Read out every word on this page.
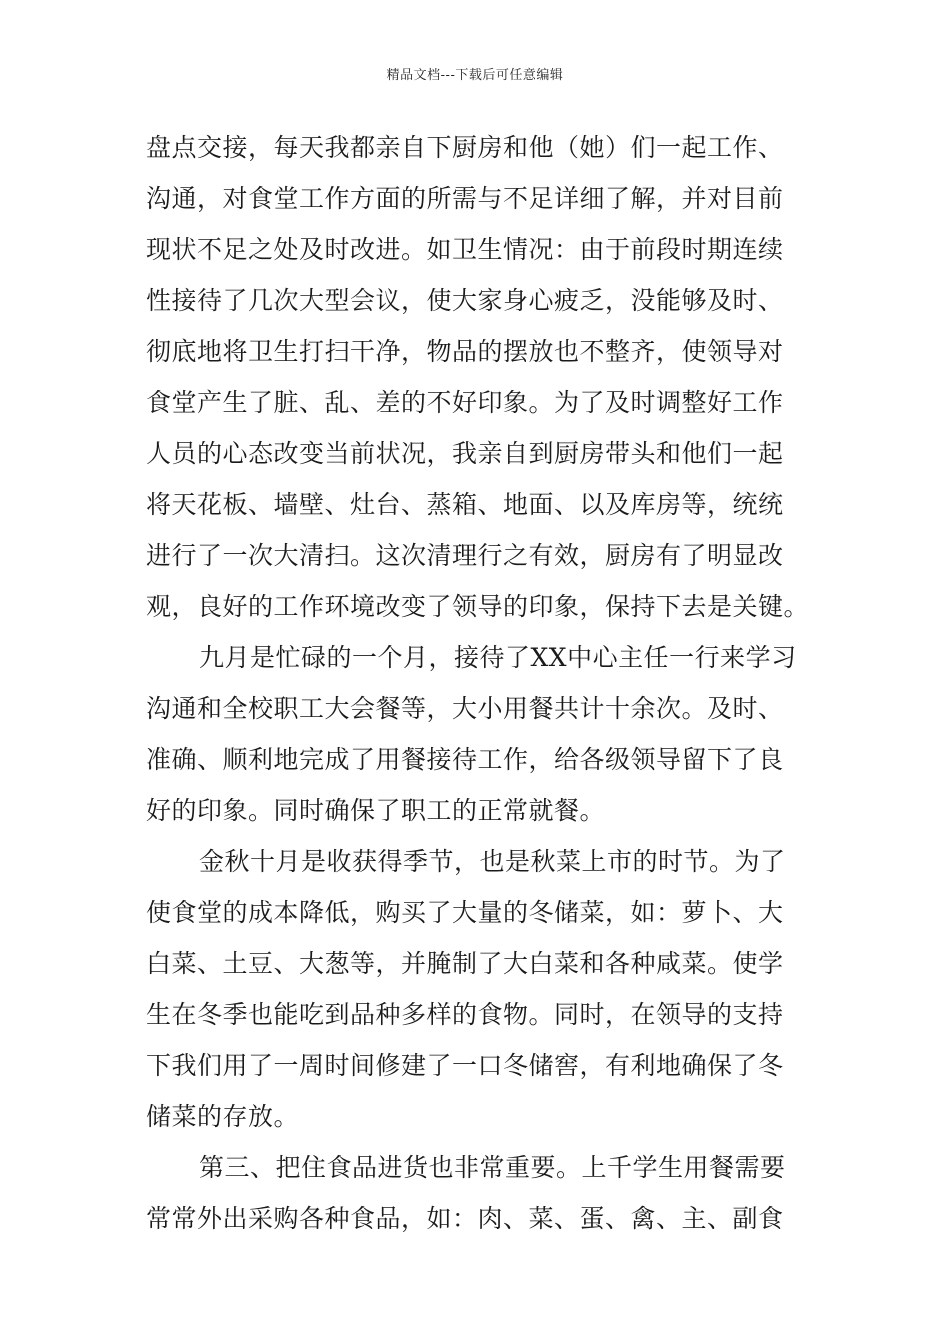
精品文档---下载后可任意编辑
盘点交接，每天我都亲自下厨房和他（她）们一起工作、
沟通，对食堂工作方面的所需与不足详细了解，并对目前
现状不足之处及时改进。如卫生情况：由于前段时期连续
性接待了几次大型会议，使大家身心疲乏，没能够及时、
彻底地将卫生打扫干净，物品的摆放也不整齐，使领导对
食堂产生了脏、乱、差的不好印象。为了及时调整好工作
人员的心态改变当前状况，我亲自到厨房带头和他们一起
将天花板、墙壁、灶台、蒸箱、地面、以及库房等，统统
进行了一次大清扫。这次清理行之有效，厨房有了明显改
观，良好的工作环境改变了领导的印象，保持下去是关键。
九月是忙碌的一个月，接待了XX中心主任一行来学习
沟通和全校职工大会餐等，大小用餐共计十余次。及时、
准确、顺利地完成了用餐接待工作，给各级领导留下了良
好的印象。同时确保了职工的正常就餐。
金秋十月是收获得季节，也是秋菜上市的时节。为了
使食堂的成本降低，购买了大量的冬储菜，如：萝卜、大
白菜、土豆、大葱等，并腌制了大白菜和各种咸菜。使学
生在冬季也能吃到品种多样的食物。同时，在领导的支持
下我们用了一周时间修建了一口冬储窖，有利地确保了冬
储菜的存放。
第三、把住食品进货也非常重要。上千学生用餐需要
常常外出采购各种食品，如：肉、菜、蛋、禽、主、副食
